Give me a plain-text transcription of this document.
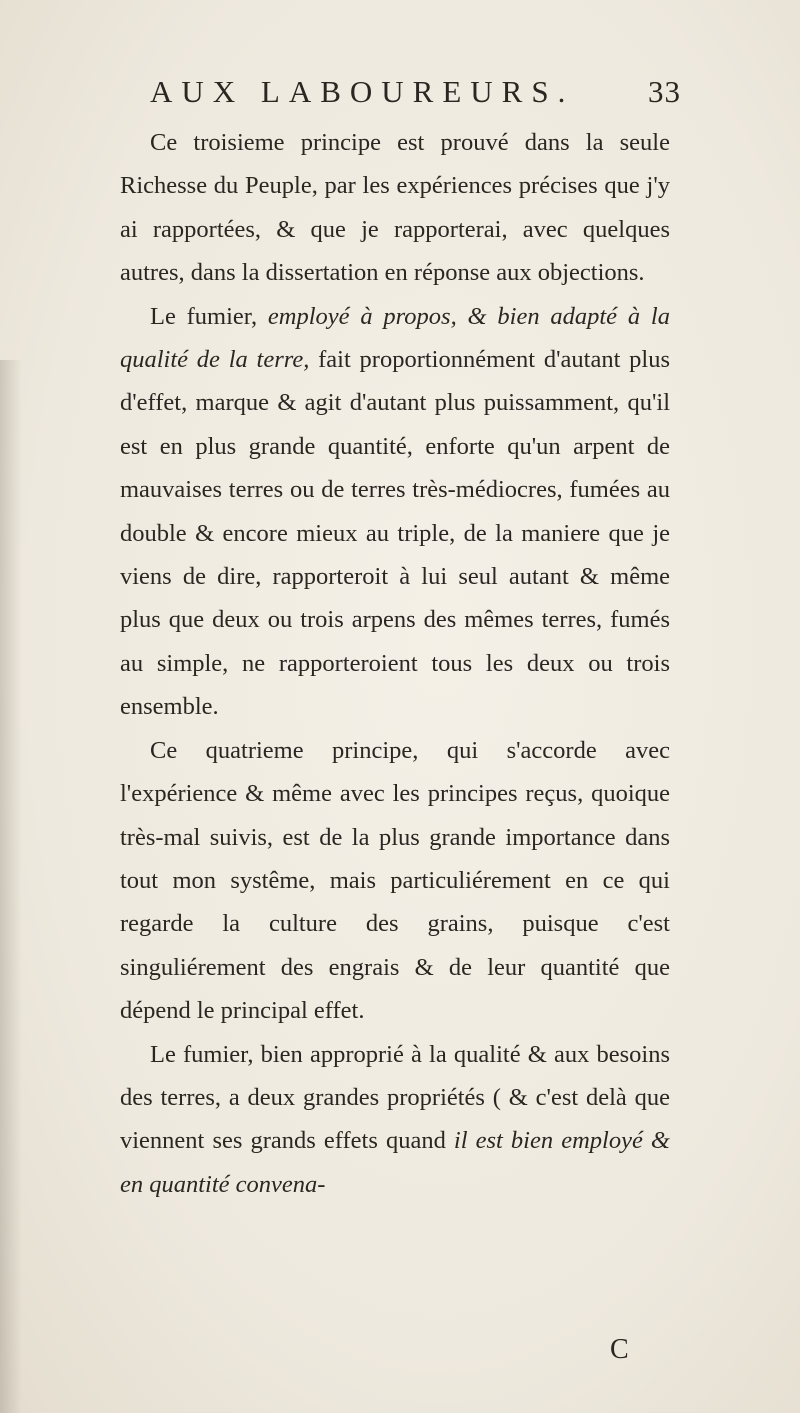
AUX LABOUREURS. 33

Ce troisieme principe est prouvé dans la seule Richesse du Peuple, par les expériences précises que j'y ai rapportées, & que je rapporterai, avec quelques autres, dans la dissertation en réponse aux objections.

Le fumier, employé à propos, & bien adapté à la qualité de la terre, fait proportionnément d'autant plus d'effet, marque & agit d'autant plus puissamment, qu'il est en plus grande quantité, enforte qu'un arpent de mauvaises terres ou de terres très-médiocres, fumées au double & encore mieux au triple, de la maniere que je viens de dire, rapporteroit à lui seul autant & même plus que deux ou trois arpens des mêmes terres, fumés au simple, ne rapporteroient tous les deux ou trois ensemble.

Ce quatrieme principe, qui s'accorde avec l'expérience & même avec les principes reçus, quoique très-mal suivis, est de la plus grande importance dans tout mon systême, mais particuliérement en ce qui regarde la culture des grains, puisque c'est singuliérement des engrais & de leur quantité que dépend le principal effet.

Le fumier, bien approprié à la qualité & aux besoins des terres, a deux grandes propriétés ( & c'est delà que viennent ses grands effets quand il est bien employé & en quantité convena-

C
